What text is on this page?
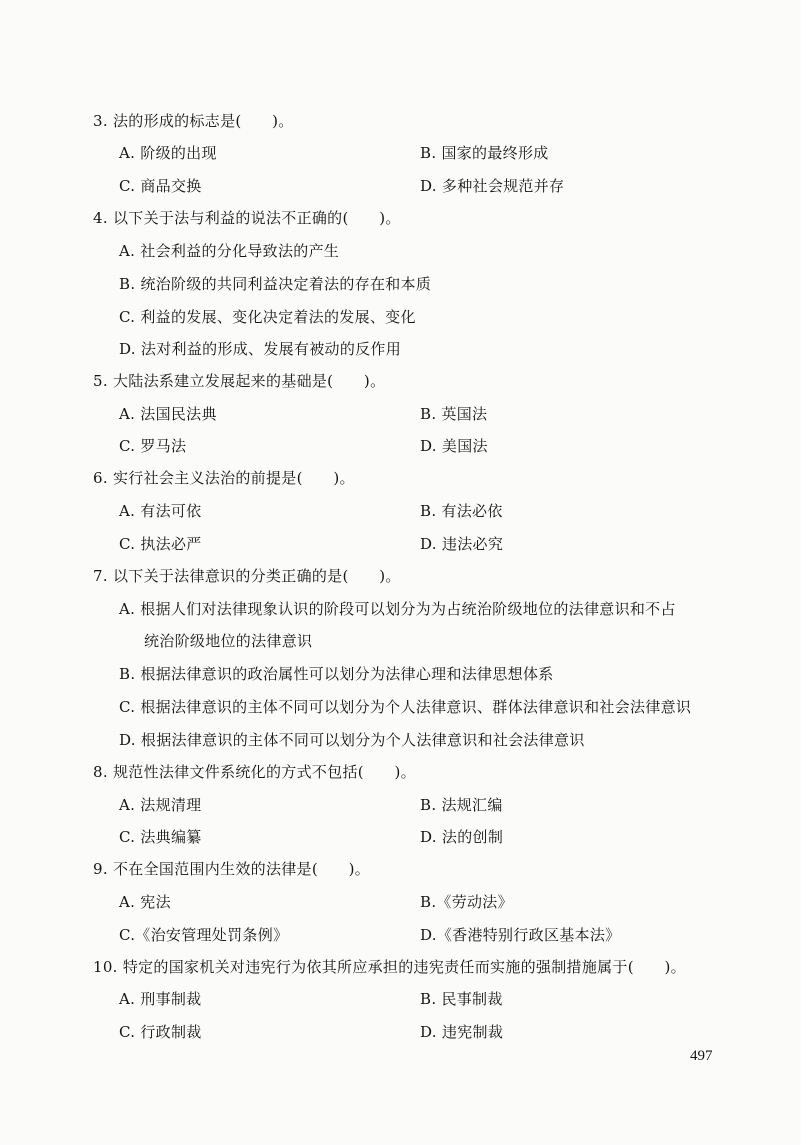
3. 法的形成的标志是(　　)。
A. 阶级的出现	B. 国家的最终形成
C. 商品交换	D. 多种社会规范并存
4. 以下关于法与利益的说法不正确的(　　)。
A. 社会利益的分化导致法的产生
B. 统治阶级的共同利益决定着法的存在和本质
C. 利益的发展、变化决定着法的发展、变化
D. 法对利益的形成、发展有被动的反作用
5. 大陆法系建立发展起来的基础是(　　)。
A. 法国民法典	B. 英国法
C. 罗马法	D. 美国法
6. 实行社会主义法治的前提是(　　)。
A. 有法可依	B. 有法必依
C. 执法必严	D. 违法必究
7. 以下关于法律意识的分类正确的是(　　)。
A. 根据人们对法律现象认识的阶段可以划分为为占统治阶级地位的法律意识和不占
统治阶级地位的法律意识
B. 根据法律意识的政治属性可以划分为法律心理和法律思想体系
C. 根据法律意识的主体不同可以划分为个人法律意识、群体法律意识和社会法律意识
D. 根据法律意识的主体不同可以划分为个人法律意识和社会法律意识
8. 规范性法律文件系统化的方式不包括(　　)。
A. 法规清理	B. 法规汇编
C. 法典编纂	D. 法的创制
9. 不在全国范围内生效的法律是(　　)。
A. 宪法	B.《劳动法》
C.《治安管理处罚条例》	D.《香港特别行政区基本法》
10. 特定的国家机关对违宪行为依其所应承担的违宪责任而实施的强制措施属于(　　)。
A. 刑事制裁	B. 民事制裁
C. 行政制裁	D. 违宪制裁
497
